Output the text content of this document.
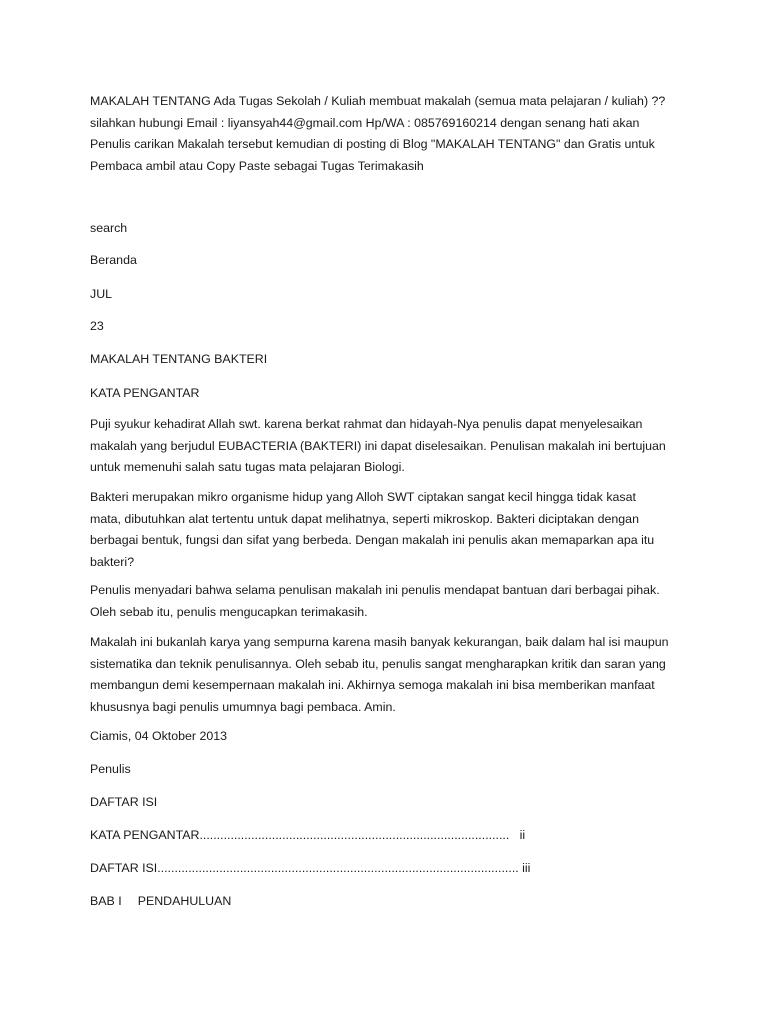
MAKALAH TENTANG Ada Tugas Sekolah / Kuliah membuat makalah (semua mata pelajaran / kuliah) ??
silahkan hubungi Email : liyansyah44@gmail.com Hp/WA : 085769160214 dengan senang hati akan
Penulis carikan Makalah tersebut kemudian di posting di Blog "MAKALAH TENTANG" dan Gratis untuk
Pembaca ambil atau Copy Paste sebagai Tugas Terimakasih
search
Beranda
JUL
23
MAKALAH TENTANG BAKTERI
KATA PENGANTAR
Puji syukur kehadirat Allah swt. karena berkat rahmat dan hidayah-Nya penulis dapat menyelesaikan
makalah yang berjudul EUBACTERIA (BAKTERI) ini dapat diselesaikan. Penulisan makalah ini bertujuan
untuk memenuhi salah satu tugas mata pelajaran Biologi.
Bakteri merupakan mikro organisme hidup yang Alloh SWT ciptakan sangat kecil hingga tidak kasat
mata, dibutuhkan alat tertentu untuk dapat melihatnya, seperti mikroskop. Bakteri diciptakan dengan
berbagai bentuk, fungsi dan sifat yang berbeda. Dengan makalah ini penulis akan memaparkan apa itu
bakteri?
Penulis menyadari bahwa selama penulisan makalah ini penulis mendapat bantuan dari berbagai pihak.
Oleh sebab itu, penulis mengucapkan terimakasih.
Makalah ini bukanlah karya yang sempurna karena masih banyak kekurangan, baik dalam hal isi maupun
sistematika dan teknik penulisannya. Oleh sebab itu, penulis sangat mengharapkan kritik dan saran yang
membangun demi kesempernaan makalah ini. Akhirnya semoga makalah ini bisa memberikan manfaat
khususnya bagi penulis umumnya bagi pembaca. Amin.
Ciamis, 04 Oktober 2013
Penulis
DAFTAR ISI
KATA PENGANTAR..........................................................................................   ii
DAFTAR ISI......................................................................................................... iii
BAB I PENDAHULUAN
